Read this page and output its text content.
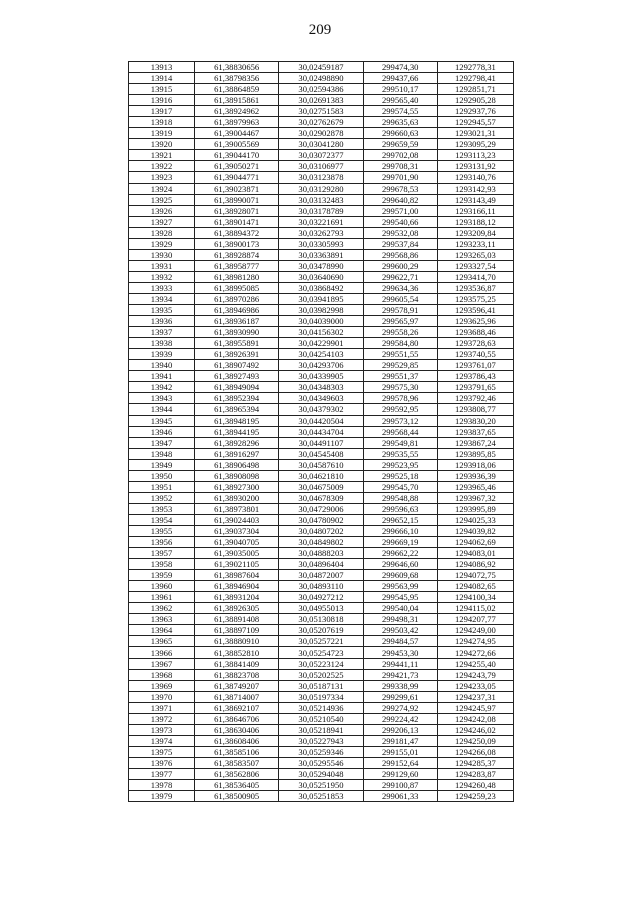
209
13913	61,38830656	30,02459187	299474,30	1292778,31
13914	61,38798356	30,02498890	299437,66	1292798,41
13915	61,38864859	30,02594386	299510,17	1292851,71
13916	61,38915861	30,02691383	299565,40	1292905,28
13917	61,38924962	30,02751583	299574,55	1292937,76
13918	61,38979963	30,02762679	299635,63	1292945,57
13919	61,39004467	30,02902878	299660,63	1293021,31
13920	61,39005569	30,03041280	299659,59	1293095,29
13921	61,39044170	30,03072377	299702,08	1293113,23
13922	61,39050271	30,03106977	299708,31	1293131,92
13923	61,39044771	30,03123878	299701,90	1293140,76
13924	61,39023871	30,03129280	299678,53	1293142,93
13925	61,38990071	30,03132483	299640,82	1293143,49
13926	61,38928071	30,03178789	299571,00	1293166,11
13927	61,38901471	30,03221691	299540,66	1293188,12
13928	61,38894372	30,03262793	299532,08	1293209,84
13929	61,38900173	30,03305993	299537,84	1293233,11
13930	61,38928874	30,03363891	299568,86	1293265,03
13931	61,38958777	30,03478990	299600,29	1293327,54
13932	61,38981280	30,03640690	299622,71	1293414,70
13933	61,38995085	30,03868492	299634,36	1293536,87
13934	61,38970286	30,03941895	299605,54	1293575,25
13935	61,38946986	30,03982998	299578,91	1293596,41
13936	61,38936187	30,04039000	299565,97	1293625,96
13937	61,38930990	30,04156302	299558,26	1293688,46
13938	61,38955891	30,04229901	299584,80	1293728,63
13939	61,38926391	30,04254103	299551,55	1293740,55
13940	61,38907492	30,04293706	299529,85	1293761,07
13941	61,38927493	30,04339905	299551,37	1293786,43
13942	61,38949094	30,04348303	299575,30	1293791,65
13943	61,38952394	30,04349603	299578,96	1293792,46
13944	61,38965394	30,04379302	299592,95	1293808,77
13945	61,38948195	30,04420504	299573,12	1293830,20
13946	61,38944195	30,04434704	299568,44	1293837,65
13947	61,38928296	30,04491107	299549,81	1293867,24
13948	61,38916297	30,04545408	299535,55	1293895,85
13949	61,38906498	30,04587610	299523,95	1293918,06
13950	61,38908098	30,04621810	299525,18	1293936,39
13951	61,38927300	30,04675009	299545,70	1293965,46
13952	61,38930200	30,04678309	299548,88	1293967,32
13953	61,38973801	30,04729006	299596,63	1293995,89
13954	61,39024403	30,04780902	299652,15	1294025,33
13955	61,39037304	30,04807202	299666,10	1294039,82
13956	61,39040705	30,04849802	299669,19	1294062,69
13957	61,39035005	30,04888203	299662,22	1294083,01
13958	61,39021105	30,04896404	299646,60	1294086,92
13959	61,38987604	30,04872007	299609,68	1294072,75
13960	61,38946904	30,04893110	299563,99	1294082,65
13961	61,38931204	30,04927212	299545,95	1294100,34
13962	61,38926305	30,04955013	299540,04	1294115,02
13963	61,38891408	30,05130818	299498,31	1294207,77
13964	61,38897109	30,05207619	299503,42	1294249,00
13965	61,38880910	30,05257221	299484,57	1294274,95
13966	61,38852810	30,05254723	299453,30	1294272,66
13967	61,38841409	30,05223124	299441,11	1294255,40
13968	61,38823708	30,05202525	299421,73	1294243,79
13969	61,38749207	30,05187131	299338,99	1294233,05
13970	61,38714007	30,05197334	299299,61	1294237,31
13971	61,38692107	30,05214936	299274,92	1294245,97
13972	61,38646706	30,05210540	299224,42	1294242,08
13973	61,38630406	30,05218941	299206,13	1294246,02
13974	61,38608406	30,05227943	299181,47	1294250,09
13975	61,38585106	30,05259346	299155,01	1294266,08
13976	61,38583507	30,05295546	299152,64	1294285,37
13977	61,38562806	30,05294048	299129,60	1294283,87
13978	61,38536405	30,05251950	299100,87	1294260,48
13979	61,38500905	30,05251853	299061,33	1294259,23
